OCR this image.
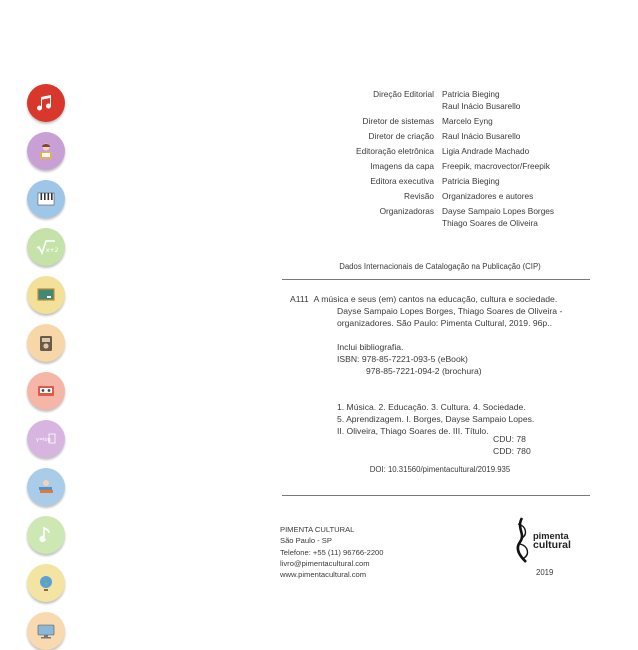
x+2
y=log
Direção Editorial Patricia Bieging
Raul Inácio Busarello
Diretor de sistemas Marcelo Eyng
Diretor de criação Raul Inácio Busarello
Editoração eletrônica Ligia Andrade Machado
Imagens da capa Freepik, macrovector/Freepik
Editora executiva Patricia Bieging
Revisão Organizadores e autores
Organizadoras Dayse Sampaio Lopes Borges
Thiago Soares de Oliveira
Dados Internacionais de Catalogação na Publicação (CIP)
A111 A música e seus (em) cantos na educação, cultura e sociedade.
Dayse Sampaio Lopes Borges, Thiago Soares de Oliveira -
organizadores. São Paulo: Pimenta Cultural, 2019. 96p..
Inclui bibliografia.
ISBN: 978-85-7221-093-5 (eBook)
978-85-7221-094-2 (brochura)
1. Música. 2. Educação. 3. Cultura. 4. Sociedade.
5. Aprendizagem. I. Borges, Dayse Sampaio Lopes.
II. Oliveira, Thiago Soares de. III. Título.
CDU: 78
CDD: 780
DOI: 10.31560/pimentacultural/2019.935
PIMENTA CULTURAL
São Paulo - SP
Telefone: +55 (11) 96766-2200
livro@pimentacultural.com
www.pimentacultural.com
pimenta
cultural
2019
